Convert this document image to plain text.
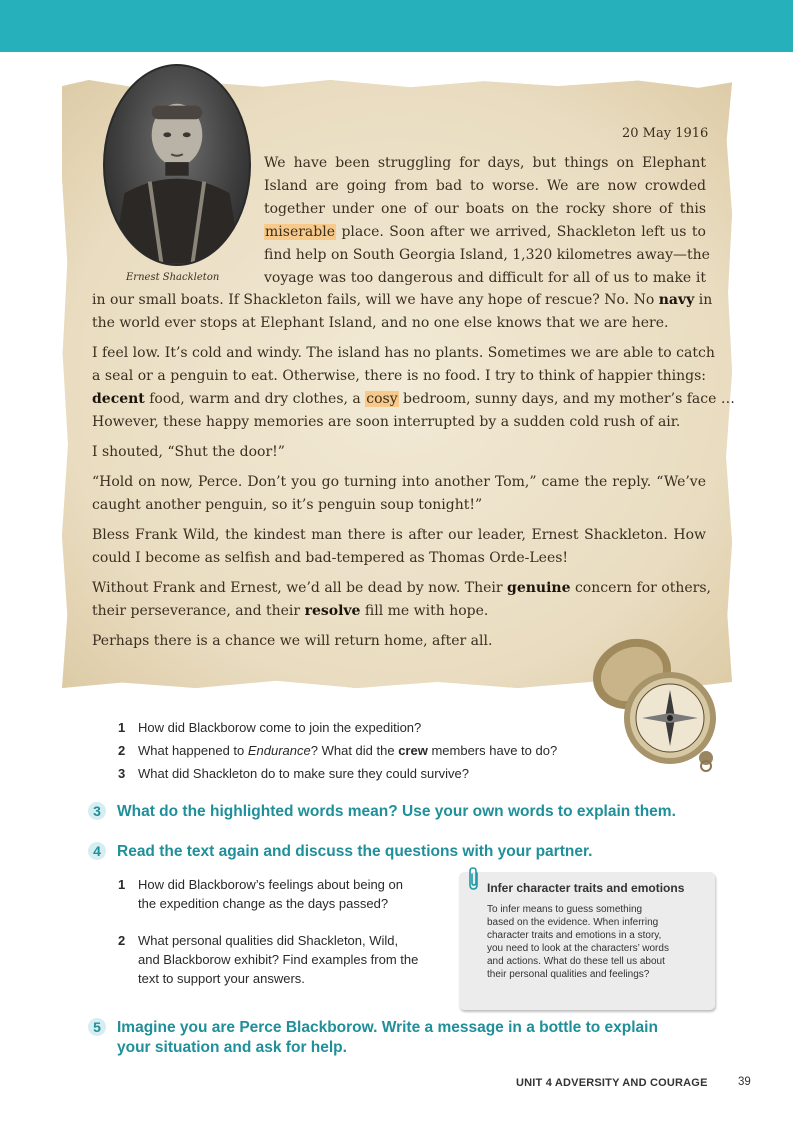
Ernest Shackleton
20 May 1916
We have been struggling for days, but things on Elephant
Island are going from bad to worse. We are now crowded
together under one of our boats on the rocky shore of this
miserable place. Soon after we arrived, Shackleton left us to
find help on South Georgia Island, 1,320 kilometres away—the
voyage was too dangerous and difficult for all of us to make it
in our small boats. If Shackleton fails, will we have any hope of rescue? No. No navy in
the world ever stops at Elephant Island, and no one else knows that we are here.
I feel low. It’s cold and windy. The island has no plants. Sometimes we are able to catch
a seal or a penguin to eat. Otherwise, there is no food. I try to think of happier things:
decent food, warm and dry clothes, a cosy bedroom, sunny days, and my mother’s face …
However, these happy memories are soon interrupted by a sudden cold rush of air.
I shouted, “Shut the door!”
“Hold on now, Perce. Don’t you go turning into another Tom,” came the reply. “We’ve
caught another penguin, so it’s penguin soup tonight!”
Bless Frank Wild, the kindest man there is after our leader, Ernest Shackleton. How
could I become as selfish and bad-tempered as Thomas Orde-Lees!
Without Frank and Ernest, we’d all be dead by now. Their genuine concern for others,
their perseverance, and their resolve fill me with hope.
Perhaps there is a chance we will return home, after all.
1 How did Blackborow come to join the expedition?
2 What happened to Endurance? What did the crew members have to do?
3 What did Shackleton do to make sure they could survive?
3	What do the highlighted words mean? Use your own words to explain them.
4	Read the text again and discuss the questions with your partner.
1 How did Blackborow’s feelings about being on
the expedition change as the days passed?
2 What personal qualities did Shackleton, Wild,
and Blackborow exhibit? Find examples from the
text to support your answers.
Infer character traits and emotions
To infer means to guess something
based on the evidence. When inferring
character traits and emotions in a story,
you need to look at the characters’ words
and actions. What do these tell us about
their personal qualities and feelings?
5	Imagine you are Perce Blackborow. Write a message in a bottle to explain
your situation and ask for help.
UNIT 4 ADVERSITY AND COURAGE	39
